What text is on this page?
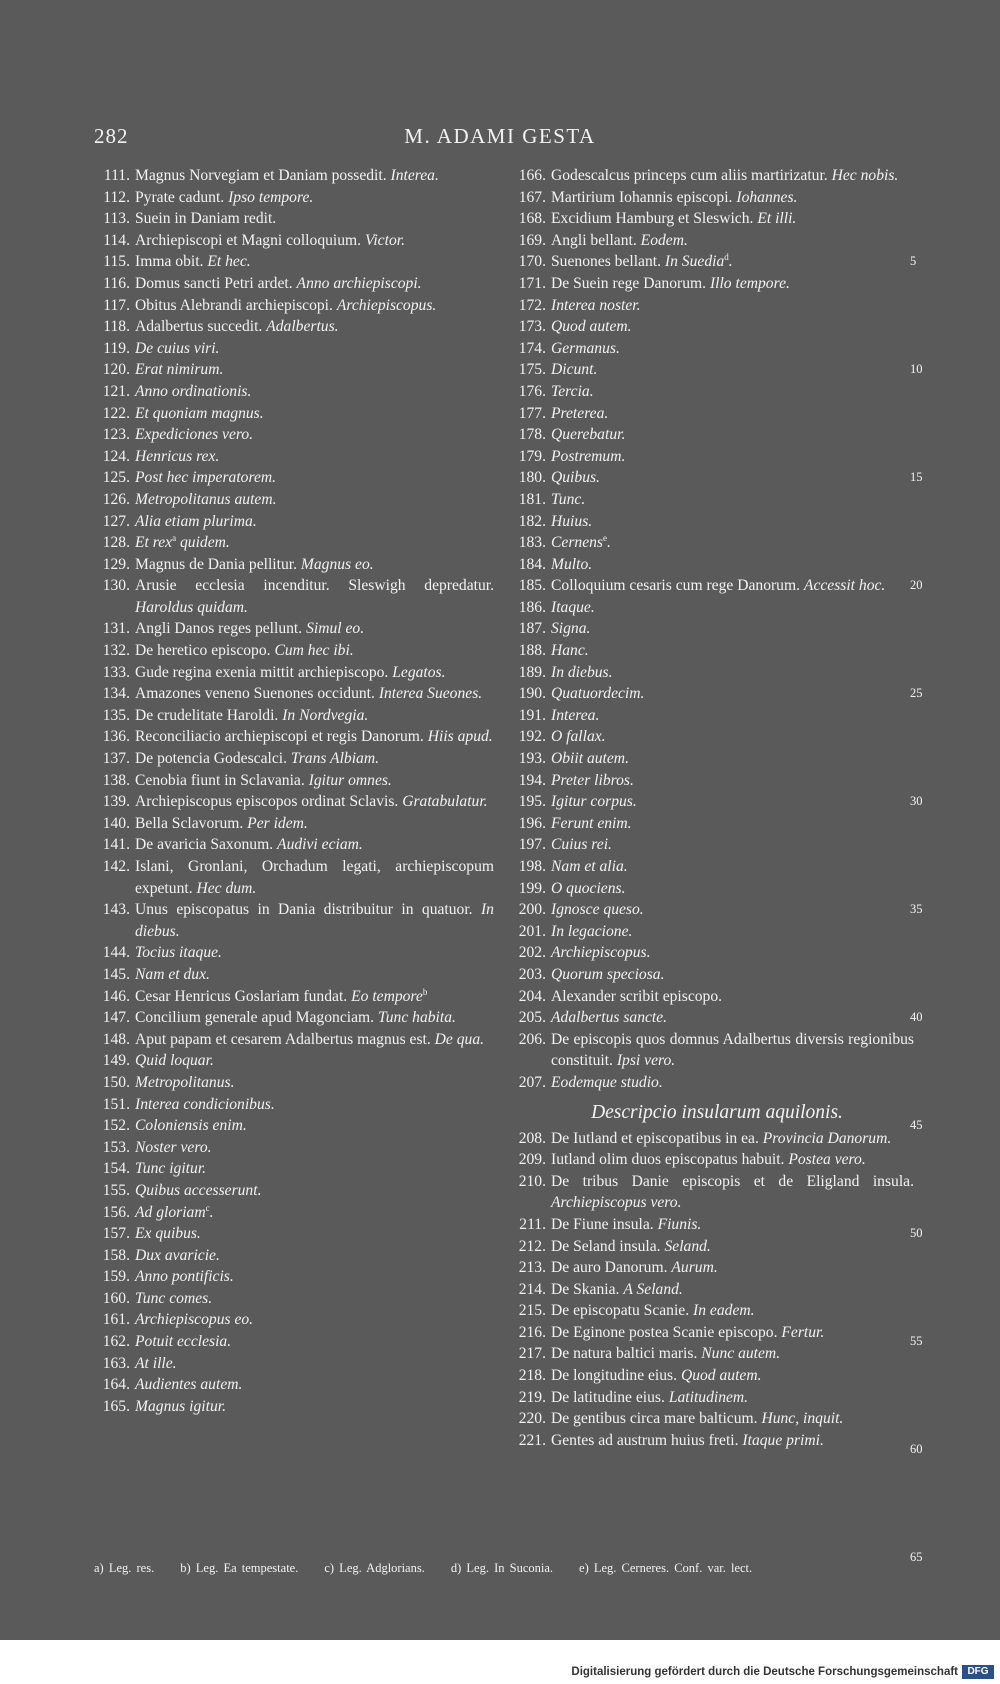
282	M. ADAMI GESTA
111. Magnus Norvegiam et Daniam possedit. Interea.
112. Pyrate cadunt. Ipso tempore.
113. Suein in Daniam redit.
114. Archiepiscopi et Magni colloquium. Victor.
115. Imma obit. Et hec.
116. Domus sancti Petri ardet. Anno archiepiscopi.
117. Obitus Alebrandi archiepiscopi. Archiepiscopus.
118. Adalbertus succedit. Adalbertus.
119. De cuius viri.
120. Erat nimirum.
121. Anno ordinationis.
122. Et quoniam magnus.
123. Expediciones vero.
124. Henricus rex.
125. Post hec imperatorem.
126. Metropolitanus autem.
127. Alia etiam plurima.
128. Et rex$^a$ quidem.
129. Magnus de Dania pellitur. Magnus eo.
130. Arusie ecclesia incenditur. Sleswigh depredatur. Haroldus quidam.
131. Angli Danos reges pellunt. Simul eo.
132. De heretico episcopo. Cum hec ibi.
133. Gude regina exenia mittit archiepiscopo. Legatos.
134. Amazones veneno Suenones occidunt. Interea Sueones.
135. De crudelitate Haroldi. In Nordvegia.
136. Reconciliacio archiepiscopi et regis Danorum. Hiis apud.
137. De potencia Godescalci. Trans Albiam.
138. Cenobia fiunt in Sclavania. Igitur omnes.
139. Archiepiscopus episcopos ordinat Sclavis. Gratabulatur.
140. Bella Sclavorum. Per idem.
141. De avaricia Saxonum. Audivi eciam.
142. Islani, Gronlani, Orchadum legati, archiepiscopum expetunt. Hec dum.
143. Unus episcopatus in Dania distribuitur in quatuor. In diebus.
144. Tocius itaque.
145. Nam et dux.
146. Cesar Henricus Goslariam fundat. Eo tempore$^b$
147. Concilium generale apud Magonciam. Tunc habita.
148. Aput papam et cesarem Adalbertus magnus est. De qua.
149. Quid loquar.
150. Metropolitanus.
151. Interea condicionibus.
152. Coloniensis enim.
153. Noster vero.
154. Tunc igitur.
155. Quibus accesserunt.
156. Ad gloriam$^c$.
157. Ex quibus.
158. Dux avaricie.
159. Anno pontificis.
160. Tunc comes.
161. Archiepiscopus eo.
162. Potuit ecclesia.
163. At ille.
164. Audientes autem.
165. Magnus igitur.
166. Godescalcus princeps cum aliis martirizatur. Hec nobis.
167. Martirium Iohannis episcopi. Iohannes.
168. Excidium Hamburg et Sleswich. Et illi.
169. Angli bellant. Eodem.
170. Suenones bellant. In Suedia$^d$.
171. De Suein rege Danorum. Illo tempore.
172. Interea noster.
173. Quod autem.
174. Germanus.
175. Dicunt.
176. Tercia.
177. Preterea.
178. Querebatur.
179. Postremum.
180. Quibus.
181. Tunc.
182. Huius.
183. Cernens$^e$.
184. Multo.
185. Colloquium cesaris cum rege Danorum. Accessit hoc.
186. Itaque.
187. Signa.
188. Hanc.
189. In diebus.
190. Quatuordecim.
191. Interea.
192. O fallax.
193. Obiit autem.
194. Preter libros.
195. Igitur corpus.
196. Ferunt enim.
197. Cuius rei.
198. Nam et alia.
199. O quociens.
200. Ignosce queso.
201. In legacione.
202. Archiepiscopus.
203. Quorum speciosa.
204. Alexander scribit episcopo.
205. Adalbertus sancte.
206. De episcopis quos domnus Adalbertus diversis regionibus constituit. Ipsi vero.
207. Eodemque studio.
Descripcio insularum aquilonis.
208. De Iutland et episcopatibus in ea. Provincia Danorum.
209. Iutland olim duos episcopatus habuit. Postea vero.
210. De tribus Danie episcopis et de Eligland insula. Archiepiscopus vero.
211. De Fiune insula. Fiunis.
212. De Seland insula. Seland.
213. De auro Danorum. Aurum.
214. De Skania. A Seland.
215. De episcopatu Scanie. In eadem.
216. De Eginone postea Scanie episcopo. Fertur.
217. De natura baltici maris. Nunc autem.
218. De longitudine eius. Quod autem.
219. De latitudine eius. Latitudinem.
220. De gentibus circa mare balticum. Hunc, inquit.
221. Gentes ad austrum huius freti. Itaque primi.
5
10
15
20
25
30
35
40
45
50
55
60
65
a) Leg. res. b) Leg. Ea tempestate. c) Leg. Adglorians. d) Leg. In Suconia. e) Leg. Cerneres. Conf. var. lect.
Digitalisierung gefördert durch die Deutsche Forschungsgemeinschaft DFG
